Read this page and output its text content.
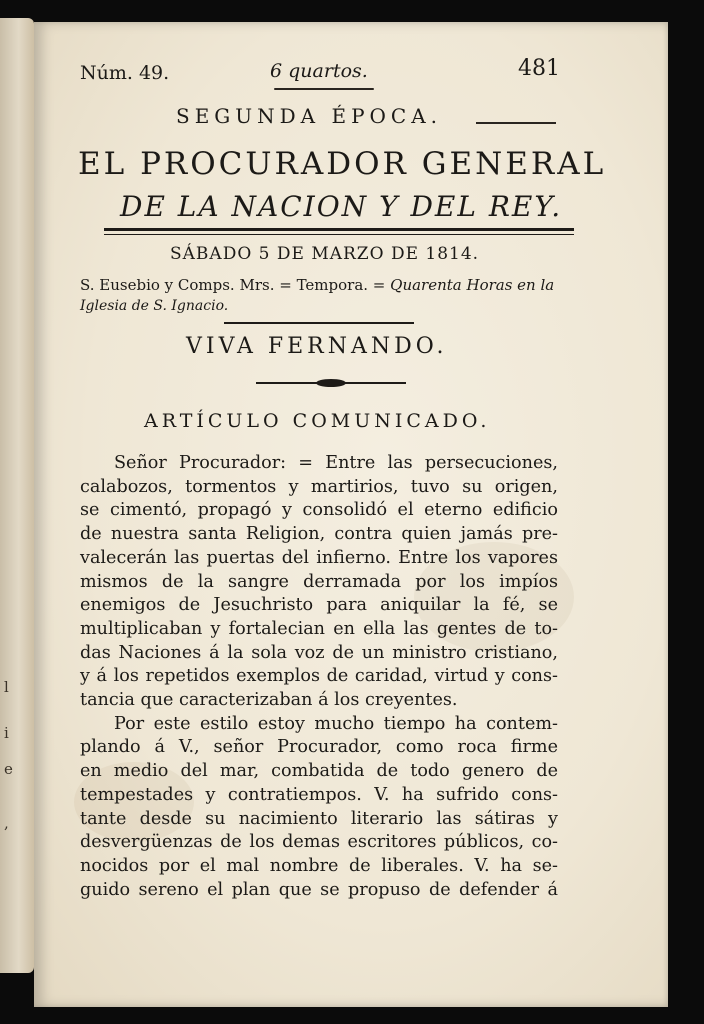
l
i
e
,
Núm. 49.	6 quartos.	481
SEGUNDA ÉPOCA.
EL PROCURADOR GENERAL
DE LA NACION Y DEL REY.
SÁBADO 5 DE MARZO DE 1814.
S. Eusebio y Comps. Mrs. = Tempora. = Quarenta Horas en la
Iglesia de S. Ignacio.
VIVA FERNANDO.
ARTÍCULO COMUNICADO.
Señor Procurador: = Entre las persecuciones,
calabozos, tormentos y martirios, tuvo su origen,
se cimentó, propagó y consolidó el eterno edificio
de nuestra santa Religion, contra quien jamás pre-
valecerán las puertas del infierno. Entre los vapores
mismos de la sangre derramada por los impíos
enemigos de Jesuchristo para aniquilar la fé, se
multiplicaban y fortalecian en ella las gentes de to-
das Naciones á la sola voz de un ministro cristiano,
y á los repetidos exemplos de caridad, virtud y cons-
tancia que caracterizaban á los creyentes.
Por este estilo estoy mucho tiempo ha contem-
plando á V., señor Procurador, como roca firme
en medio del mar, combatida de todo genero de
tempestades y contratiempos. V. ha sufrido cons-
tante desde su nacimiento literario las sátiras y
desvergüenzas de los demas escritores públicos, co-
nocidos por el mal nombre de liberales. V. ha se-
guido sereno el plan que se propuso de defender á
